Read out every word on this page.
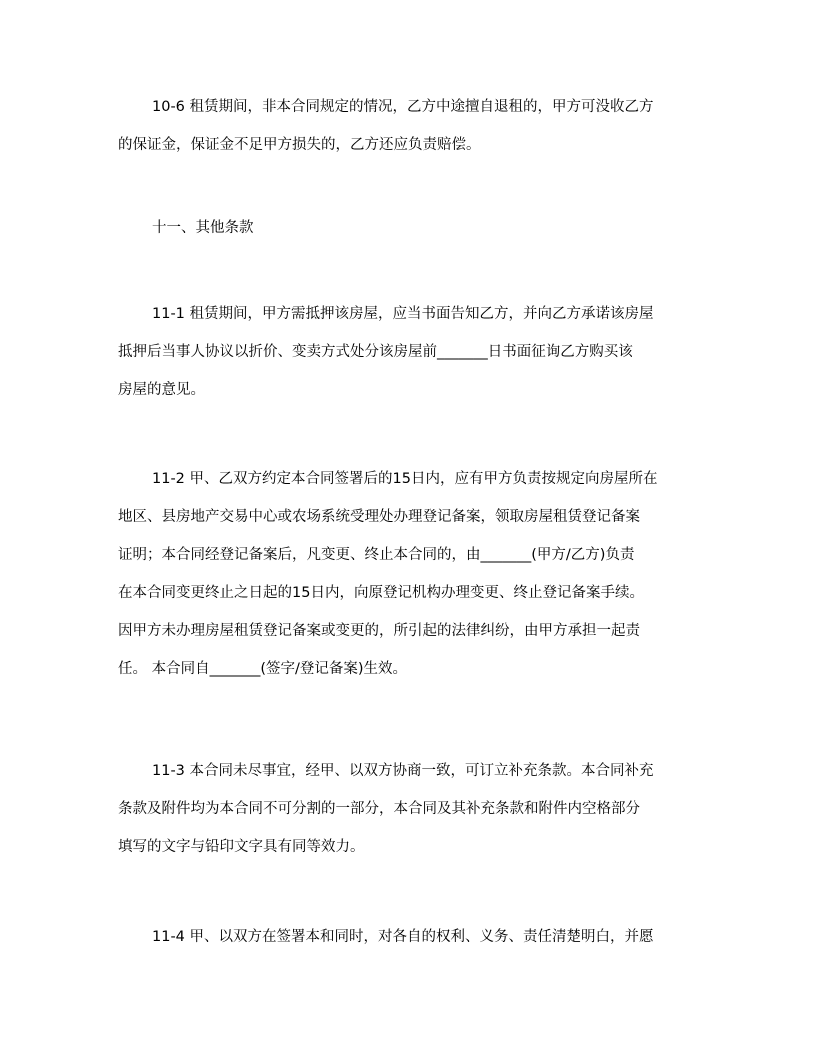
10-6 租赁期间，非本合同规定的情况，乙方中途擅自退租的，甲方可没收乙方
的保证金，保证金不足甲方损失的，乙方还应负责赔偿。
十一、其他条款
11-1 租赁期间，甲方需抵押该房屋，应当书面告知乙方，并向乙方承诺该房屋
抵押后当事人协议以折价、变卖方式处分该房屋前_______日书面征询乙方购买该
房屋的意见。
11-2 甲、乙双方约定本合同签署后的15日内，应有甲方负责按规定向房屋所在
地区、县房地产交易中心或农场系统受理处办理登记备案，领取房屋租赁登记备案
证明；本合同经登记备案后，凡变更、终止本合同的，由_______(甲方/乙方)负责
在本合同变更终止之日起的15日内，向原登记机构办理变更、终止登记备案手续。
因甲方未办理房屋租赁登记备案或变更的，所引起的法律纠纷，由甲方承担一起责
任。 本合同自_______(签字/登记备案)生效。
11-3 本合同未尽事宜，经甲、以双方协商一致，可订立补充条款。本合同补充
条款及附件均为本合同不可分割的一部分，本合同及其补充条款和附件内空格部分
填写的文字与铅印文字具有同等效力。
11-4 甲、以双方在签署本和同时，对各自的权利、义务、责任清楚明白，并愿
